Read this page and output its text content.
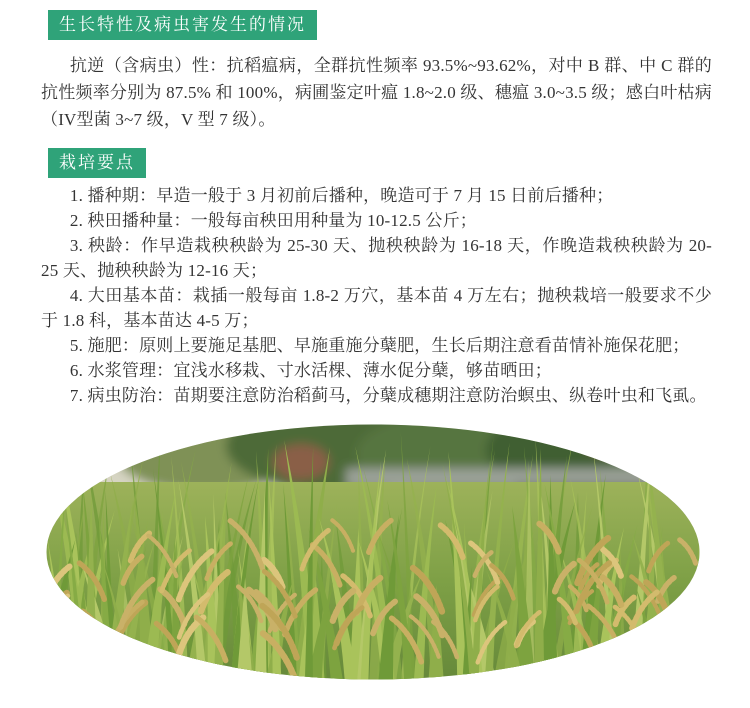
生长特性及病虫害发生的情况

抗逆（含病虫）性：抗稻瘟病，全群抗性频率 93.5%~93.62%，对中 B 群、中 C 群的抗性频率分别为 87.5% 和 100%，病圃鉴定叶瘟 1.8~2.0 级、穗瘟 3.0~3.5 级；感白叶枯病（IV型菌 3~7 级，V 型 7 级）。

栽培要点

1. 播种期：早造一般于 3 月初前后播种，晚造可于 7 月 15 日前后播种；

2. 秧田播种量：一般每亩秧田用种量为 10-12.5 公斤；

3. 秧龄：作早造栽秧秧龄为 25-30 天、抛秧秧龄为 16-18 天，作晚造栽秧秧龄为 20-25 天、抛秧秧龄为 12-16 天；

4. 大田基本苗：栽插一般每亩 1.8-2 万穴，基本苗 4 万左右；抛秧栽培一般要求不少于 1.8 科，基本苗达 4-5 万；

5. 施肥：原则上要施足基肥、早施重施分蘖肥，生长后期注意看苗情补施保花肥；

6. 水浆管理：宜浅水移栽、寸水活棵、薄水促分蘖，够苗晒田；

7. 病虫防治：苗期要注意防治稻蓟马，分蘖成穗期注意防治螟虫、纵卷叶虫和飞虱。
